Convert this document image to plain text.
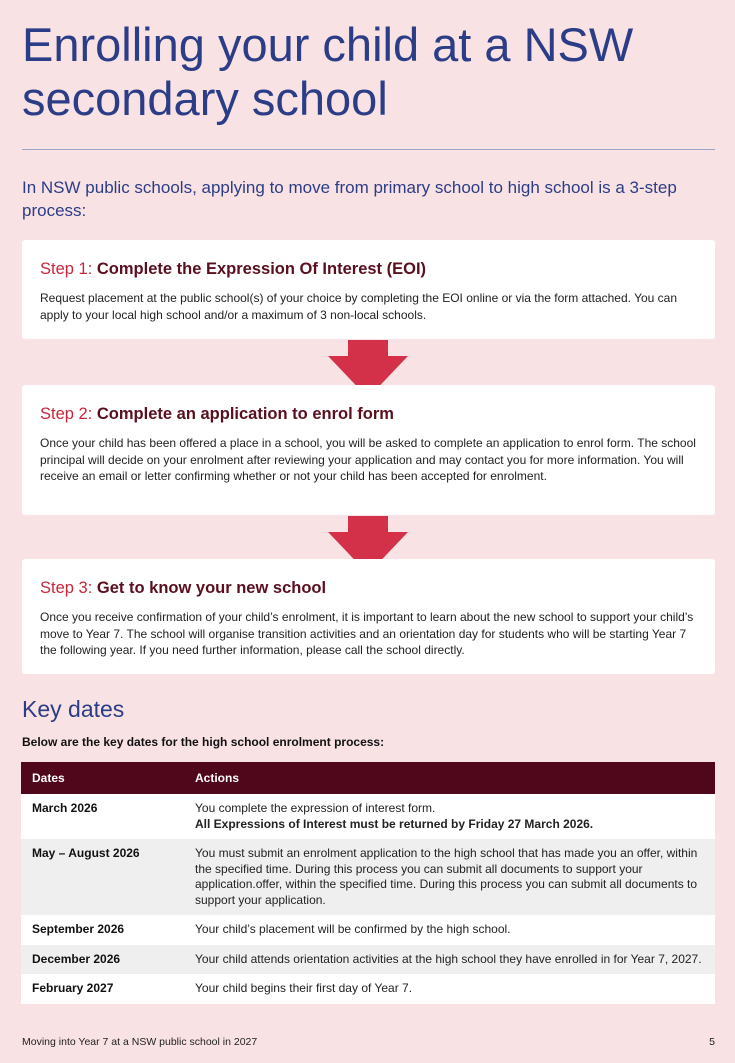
Enrolling your child at a NSW secondary school

In NSW public schools, applying to move from primary school to high school is a 3-step process:

Step 1: Complete the Expression Of Interest (EOI)

Request placement at the public school(s) of your choice by completing the EOI online or via the form attached. You can apply to your local high school and/or a maximum of 3 non-local schools.

Step 2: Complete an application to enrol form

Once your child has been offered a place in a school, you will be asked to complete an application to enrol form. The school principal will decide on your enrolment after reviewing your application and may contact you for more information. You will receive an email or letter confirming whether or not your child has been accepted for enrolment.

Step 3: Get to know your new school

Once you receive confirmation of your child’s enrolment, it is important to learn about the new school to support your child’s move to Year 7. The school will organise transition activities and an orientation day for students who will be starting Year 7 the following year. If you need further information, please call the school directly.

Key dates

Below are the key dates for the high school enrolment process:

Dates	Actions
March 2026	You complete the expression of interest form.
All Expressions of Interest must be returned by Friday 27 March 2026.

May – August 2026	You must submit an enrolment application to the high school that has made you an offer, within the specified time. During this process you can submit all documents to support your application.offer, within the specified time. During this process you can submit all documents to support your application.
September 2026	Your child’s placement will be confirmed by the high school.
December 2026	Your child attends orientation activities at the high school they have enrolled in for Year 7, 2027.
February 2027	Your child begins their first day of Year 7.
Moving into Year 7 at a NSW public school in 2027	5
